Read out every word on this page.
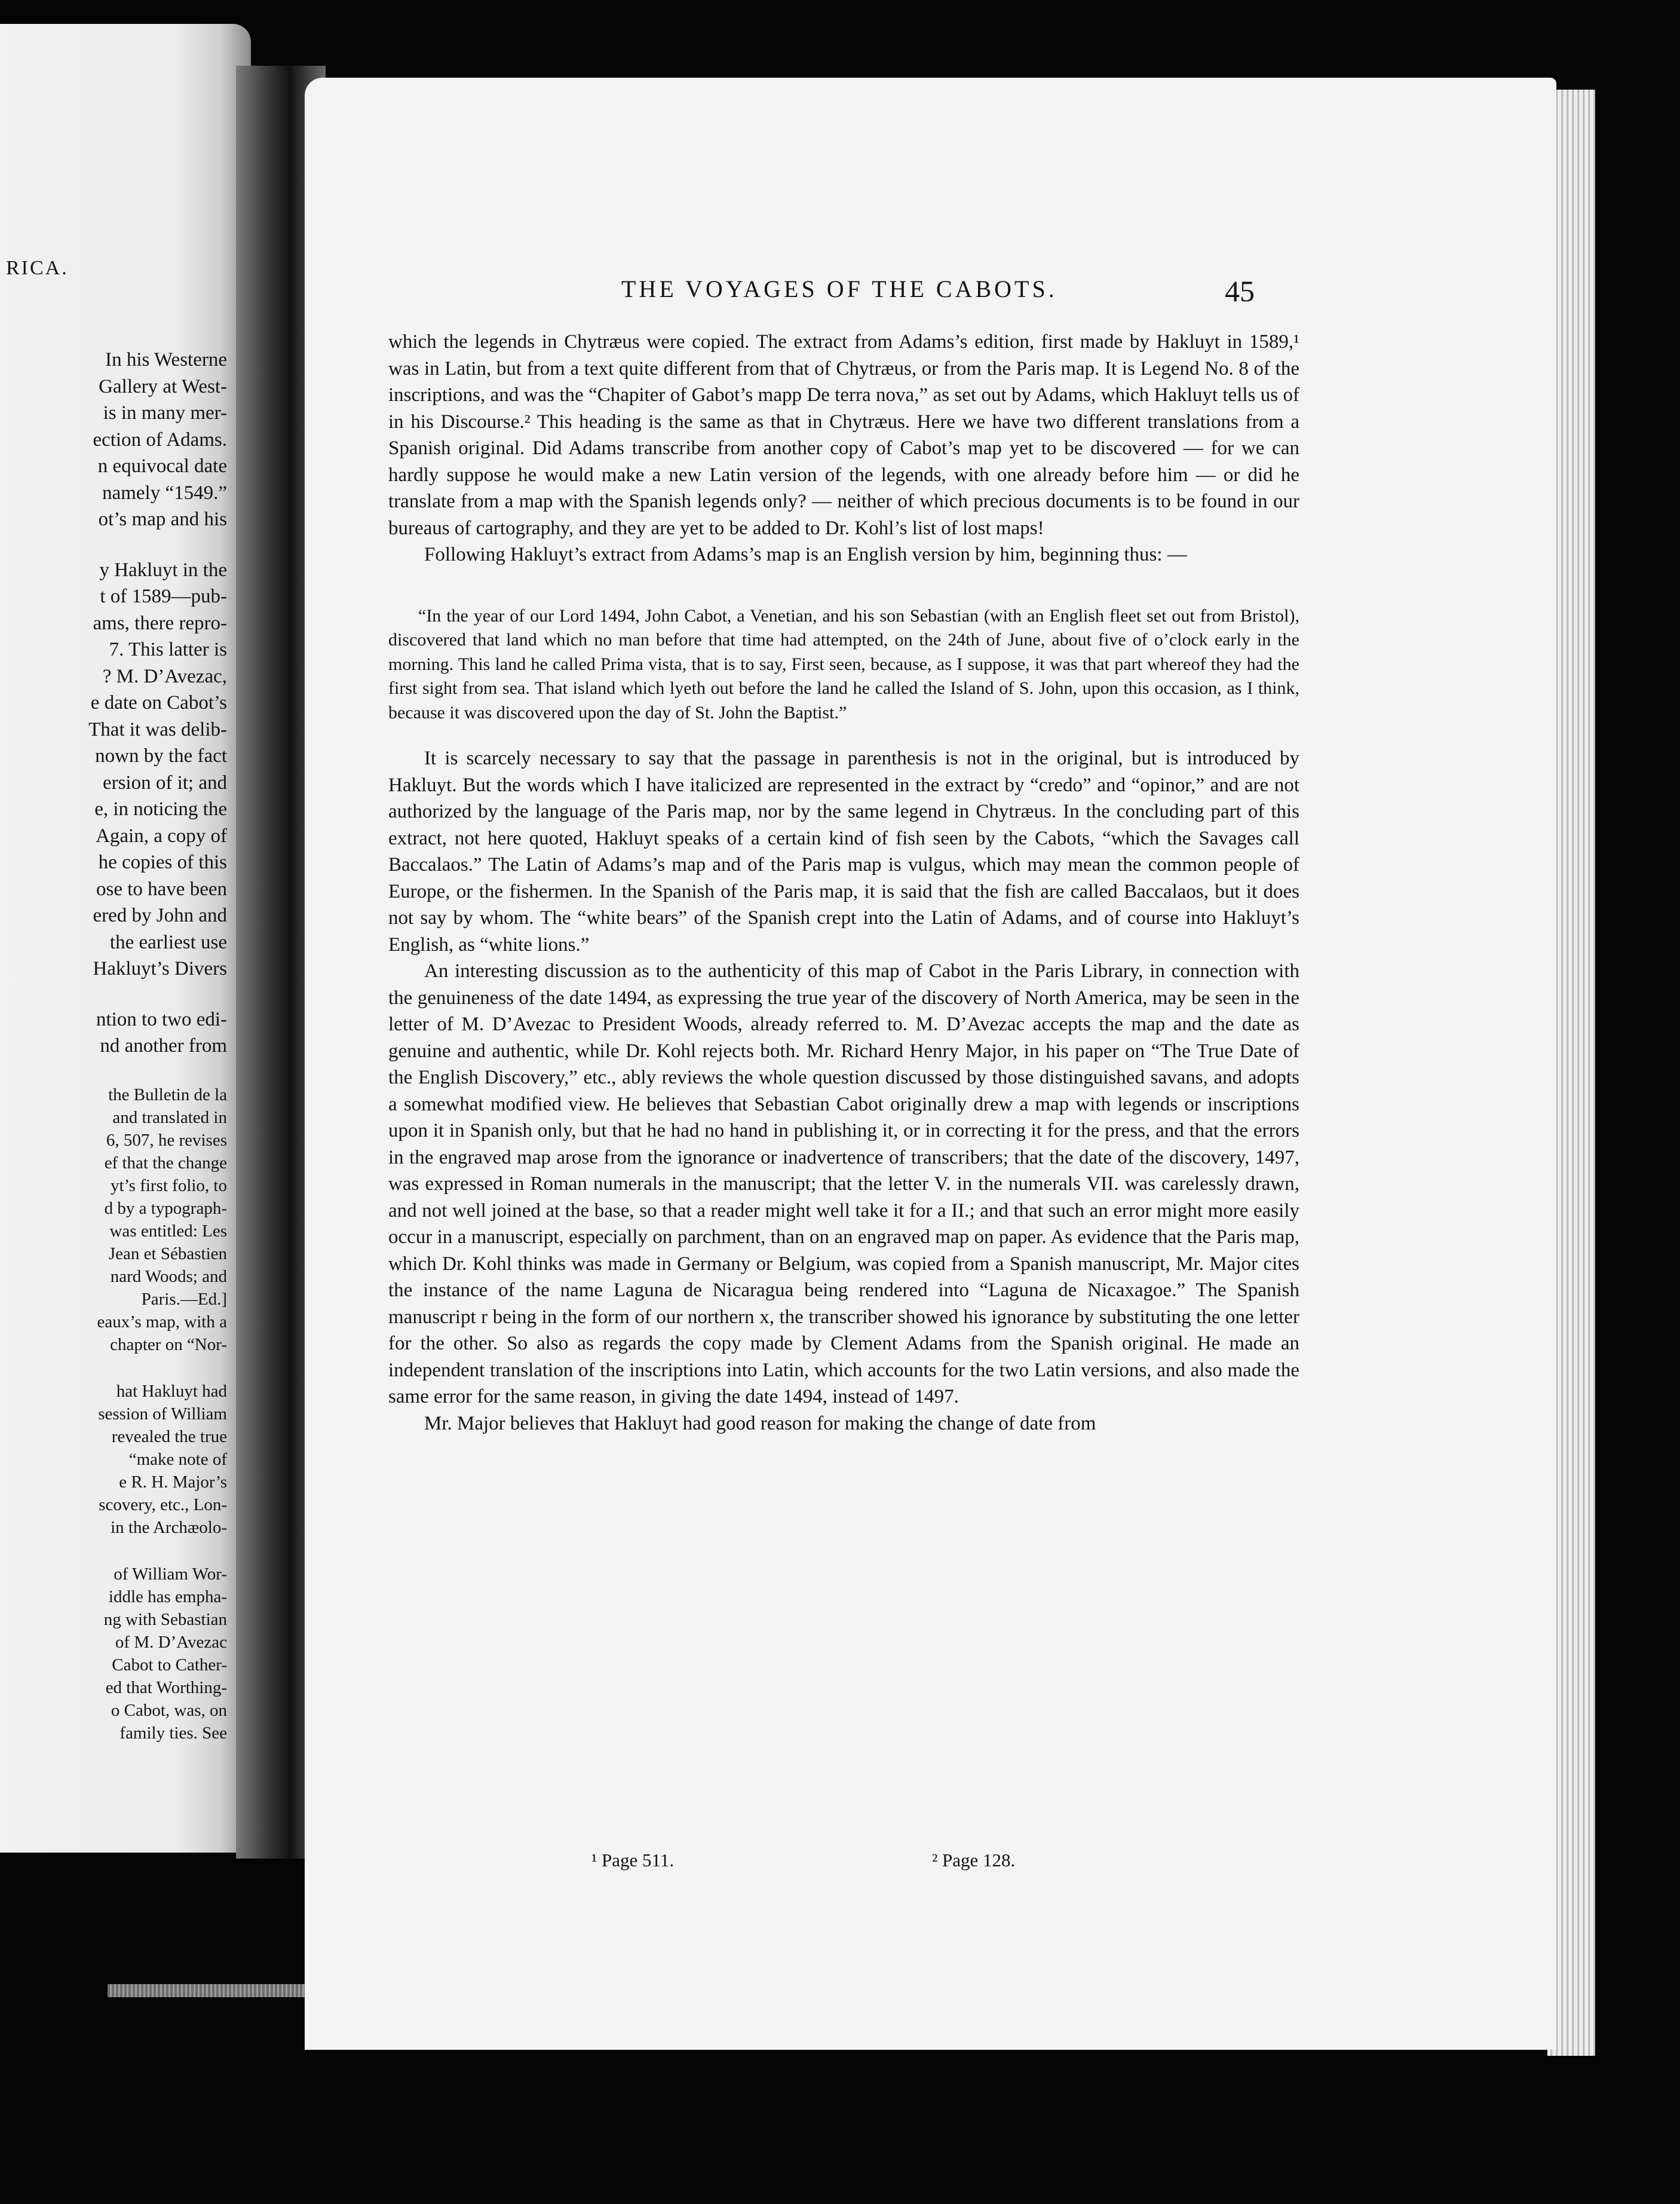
RICA.
In his Westerne
Gallery at West-
is in many mer-
ection of Adams.
n equivocal date
namely “1549.”
ot’s map and his
y Hakluyt in the
t of 1589—pub-
ams, there repro-
7. This latter is
? M. D’Avezac,
e date on Cabot’s
That it was delib-
nown by the fact
ersion of it; and
e, in noticing the
Again, a copy of
he copies of this
ose to have been
ered by John and
the earliest use
Hakluyt’s Divers
ntion to two edi-
nd another from
the Bulletin de la
and translated in
6, 507, he revises
ef that the change
yt’s first folio, to
d by a typograph-
was entitled: Les
Jean et Sébastien
nard Woods; and
Paris.—Ed.]
eaux’s map, with a
chapter on “Nor-
hat Hakluyt had
session of William
revealed the true
“make note of
e R. H. Major’s
scovery, etc., Lon-
in the Archæolo-
of William Wor-
iddle has empha-
ng with Sebastian
of M. D’Avezac
Cabot to Cather-
ed that Worthing-
o Cabot, was, on
family ties. See
THE VOYAGES OF THE CABOTS.	45

which the legends in Chytræus were copied. The extract from Adams’s edition, first made by Hakluyt in 1589,¹ was in Latin, but from a text quite different from that of Chytræus, or from the Paris map. It is Legend No. 8 of the inscriptions, and was the “Chapiter of Gabot’s mapp De terra nova,” as set out by Adams, which Hakluyt tells us of in his Discourse.² This heading is the same as that in Chytræus. Here we have two different translations from a Spanish original. Did Adams transcribe from another copy of Cabot’s map yet to be discovered — for we can hardly suppose he would make a new Latin version of the legends, with one already before him — or did he translate from a map with the Spanish legends only? — neither of which precious documents is to be found in our bureaus of cartography, and they are yet to be added to Dr. Kohl’s list of lost maps!

Following Hakluyt’s extract from Adams’s map is an English version by him, beginning thus: —

“In the year of our Lord 1494, John Cabot, a Venetian, and his son Sebastian (with an English fleet set out from Bristol), discovered that land which no man before that time had attempted, on the 24th of June, about five of o’clock early in the morning. This land he called Prima vista, that is to say, First seen, because, as I suppose, it was that part whereof they had the first sight from sea. That island which lyeth out before the land he called the Island of S. John, upon this occasion, as I think, because it was discovered upon the day of St. John the Baptist.”

It is scarcely necessary to say that the passage in parenthesis is not in the original, but is introduced by Hakluyt. But the words which I have italicized are represented in the extract by “credo” and “opinor,” and are not authorized by the language of the Paris map, nor by the same legend in Chytræus. In the concluding part of this extract, not here quoted, Hakluyt speaks of a certain kind of fish seen by the Cabots, “which the Savages call Baccalaos.” The Latin of Adams’s map and of the Paris map is vulgus, which may mean the common people of Europe, or the fishermen. In the Spanish of the Paris map, it is said that the fish are called Baccalaos, but it does not say by whom. The “white bears” of the Spanish crept into the Latin of Adams, and of course into Hakluyt’s English, as “white lions.”

An interesting discussion as to the authenticity of this map of Cabot in the Paris Library, in connection with the genuineness of the date 1494, as expressing the true year of the discovery of North America, may be seen in the letter of M. D’Avezac to President Woods, already referred to. M. D’Avezac accepts the map and the date as genuine and authentic, while Dr. Kohl rejects both. Mr. Richard Henry Major, in his paper on “The True Date of the English Discovery,” etc., ably reviews the whole question discussed by those distinguished savans, and adopts a somewhat modified view. He believes that Sebastian Cabot originally drew a map with legends or inscriptions upon it in Spanish only, but that he had no hand in publishing it, or in correcting it for the press, and that the errors in the engraved map arose from the ignorance or inadvertence of transcribers; that the date of the discovery, 1497, was expressed in Roman numerals in the manuscript; that the letter V. in the numerals VII. was carelessly drawn, and not well joined at the base, so that a reader might well take it for a II.; and that such an error might more easily occur in a manuscript, especially on parchment, than on an engraved map on paper. As evidence that the Paris map, which Dr. Kohl thinks was made in Germany or Belgium, was copied from a Spanish manuscript, Mr. Major cites the instance of the name Laguna de Nicaragua being rendered into “Laguna de Nicaxagoe.” The Spanish manuscript r being in the form of our northern x, the transcriber showed his ignorance by substituting the one letter for the other. So also as regards the copy made by Clement Adams from the Spanish original. He made an independent translation of the inscriptions into Latin, which accounts for the two Latin versions, and also made the same error for the same reason, in giving the date 1494, instead of 1497.

Mr. Major believes that Hakluyt had good reason for making the change of date from

¹ Page 511.	² Page 128.
